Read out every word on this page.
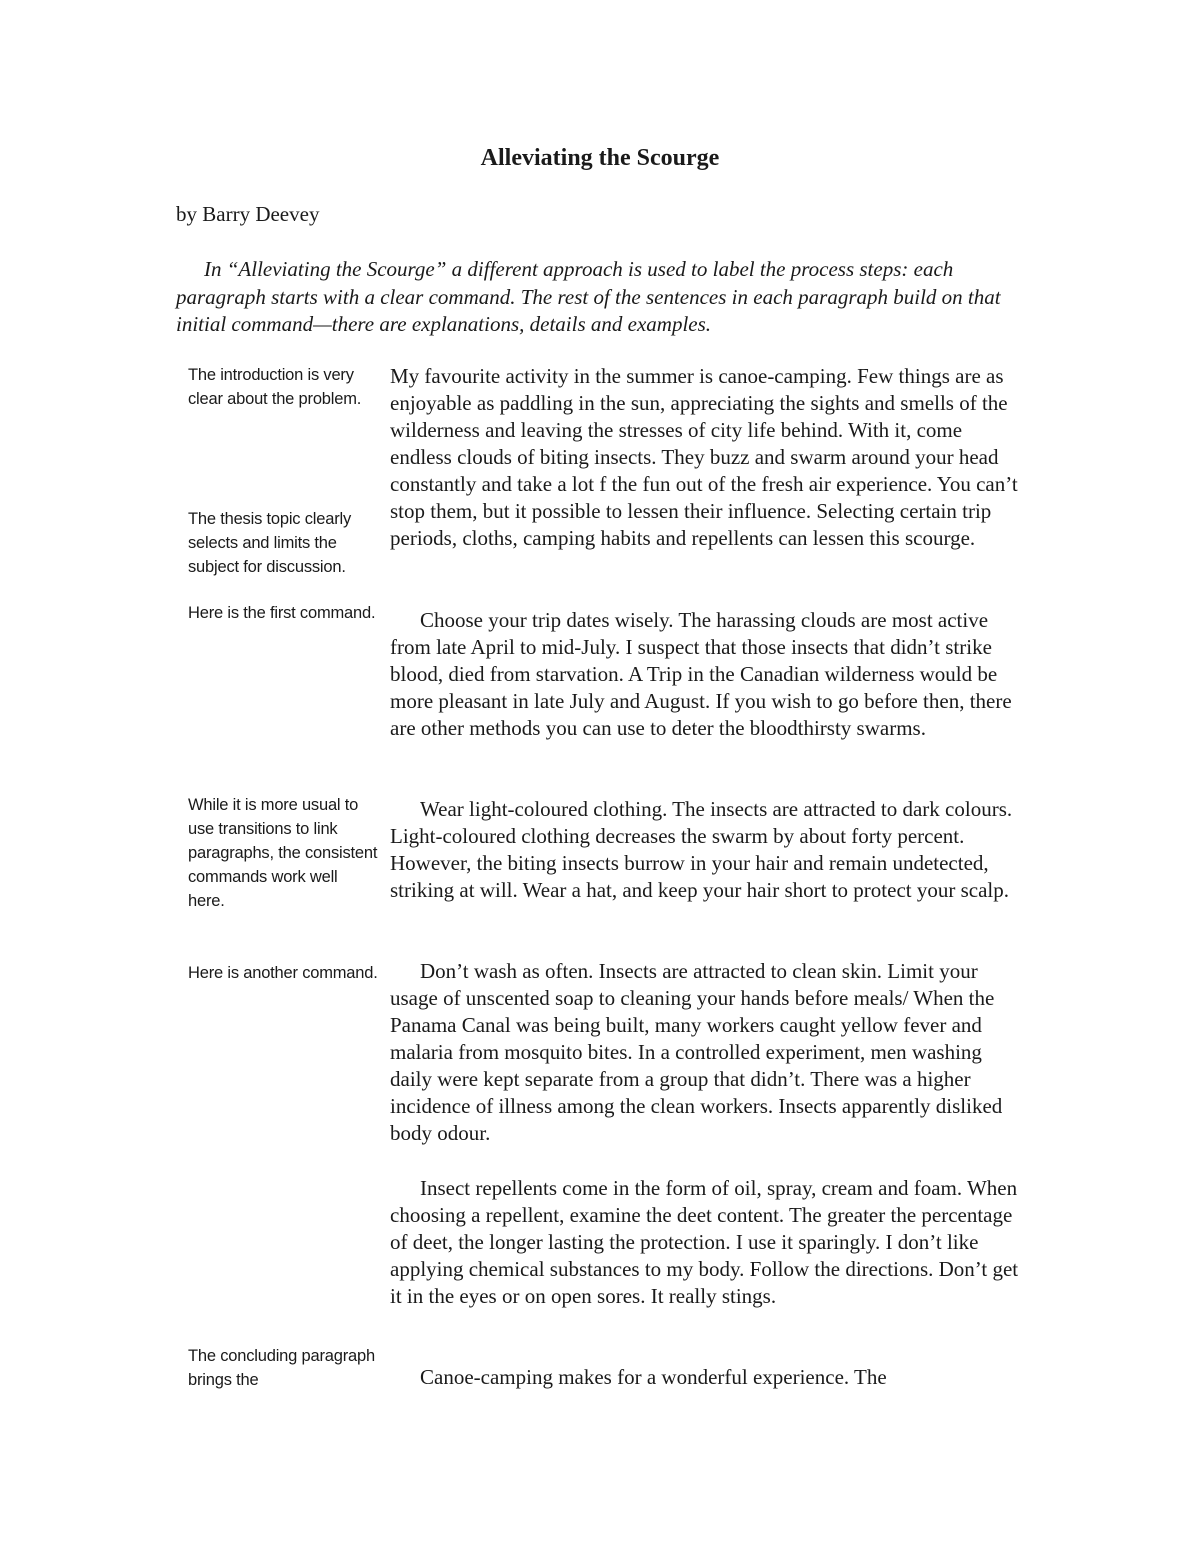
Alleviating the Scourge
by Barry Deevey
In “Alleviating the Scourge” a different approach is used to label the process steps: each paragraph starts with a clear command. The rest of the sentences in each paragraph build on that initial command—there are explanations, details and examples.
The introduction is very clear about the problem.
The thesis topic clearly selects and limits the subject for discussion.
Here is the first command.
While it is more usual to use transitions to link paragraphs, the consistent commands work well here.
Here is another command.
The concluding paragraph brings the
My favourite activity in the summer is canoe-camping. Few things are as enjoyable as paddling in the sun, appreciating the sights and smells of the wilderness and leaving the stresses of city life behind. With it, come endless clouds of biting insects. They buzz and swarm around your head constantly and take a lot f the fun out of the fresh air experience. You can’t stop them, but it possible to lessen their influence. Selecting certain trip periods, cloths, camping habits and repellents can lessen this scourge.
Choose your trip dates wisely. The harassing clouds are most active from late April to mid-July. I suspect that those insects that didn’t strike blood, died from starvation. A Trip in the Canadian wilderness would be more pleasant in late July and August. If you wish to go before then, there are other methods you can use to deter the bloodthirsty swarms.
Wear light-coloured clothing. The insects are attracted to dark colours. Light-coloured clothing decreases the swarm by about forty percent. However, the biting insects burrow in your hair and remain undetected, striking at will. Wear a hat, and keep your hair short to protect your scalp.
Don’t wash as often. Insects are attracted to clean skin. Limit your usage of unscented soap to cleaning your hands before meals/ When the Panama Canal was being built, many workers caught yellow fever and malaria from mosquito bites. In a controlled experiment, men washing daily were kept separate from a group that didn’t. There was a higher incidence of illness among the clean workers. Insects apparently disliked body odour.
Insect repellents come in the form of oil, spray, cream and foam. When choosing a repellent, examine the deet content. The greater the percentage of deet, the longer lasting the protection. I use it sparingly. I don’t like applying chemical substances to my body. Follow the directions. Don’t get it in the eyes or on open sores. It really stings.
Canoe-camping makes for a wonderful experience. The
